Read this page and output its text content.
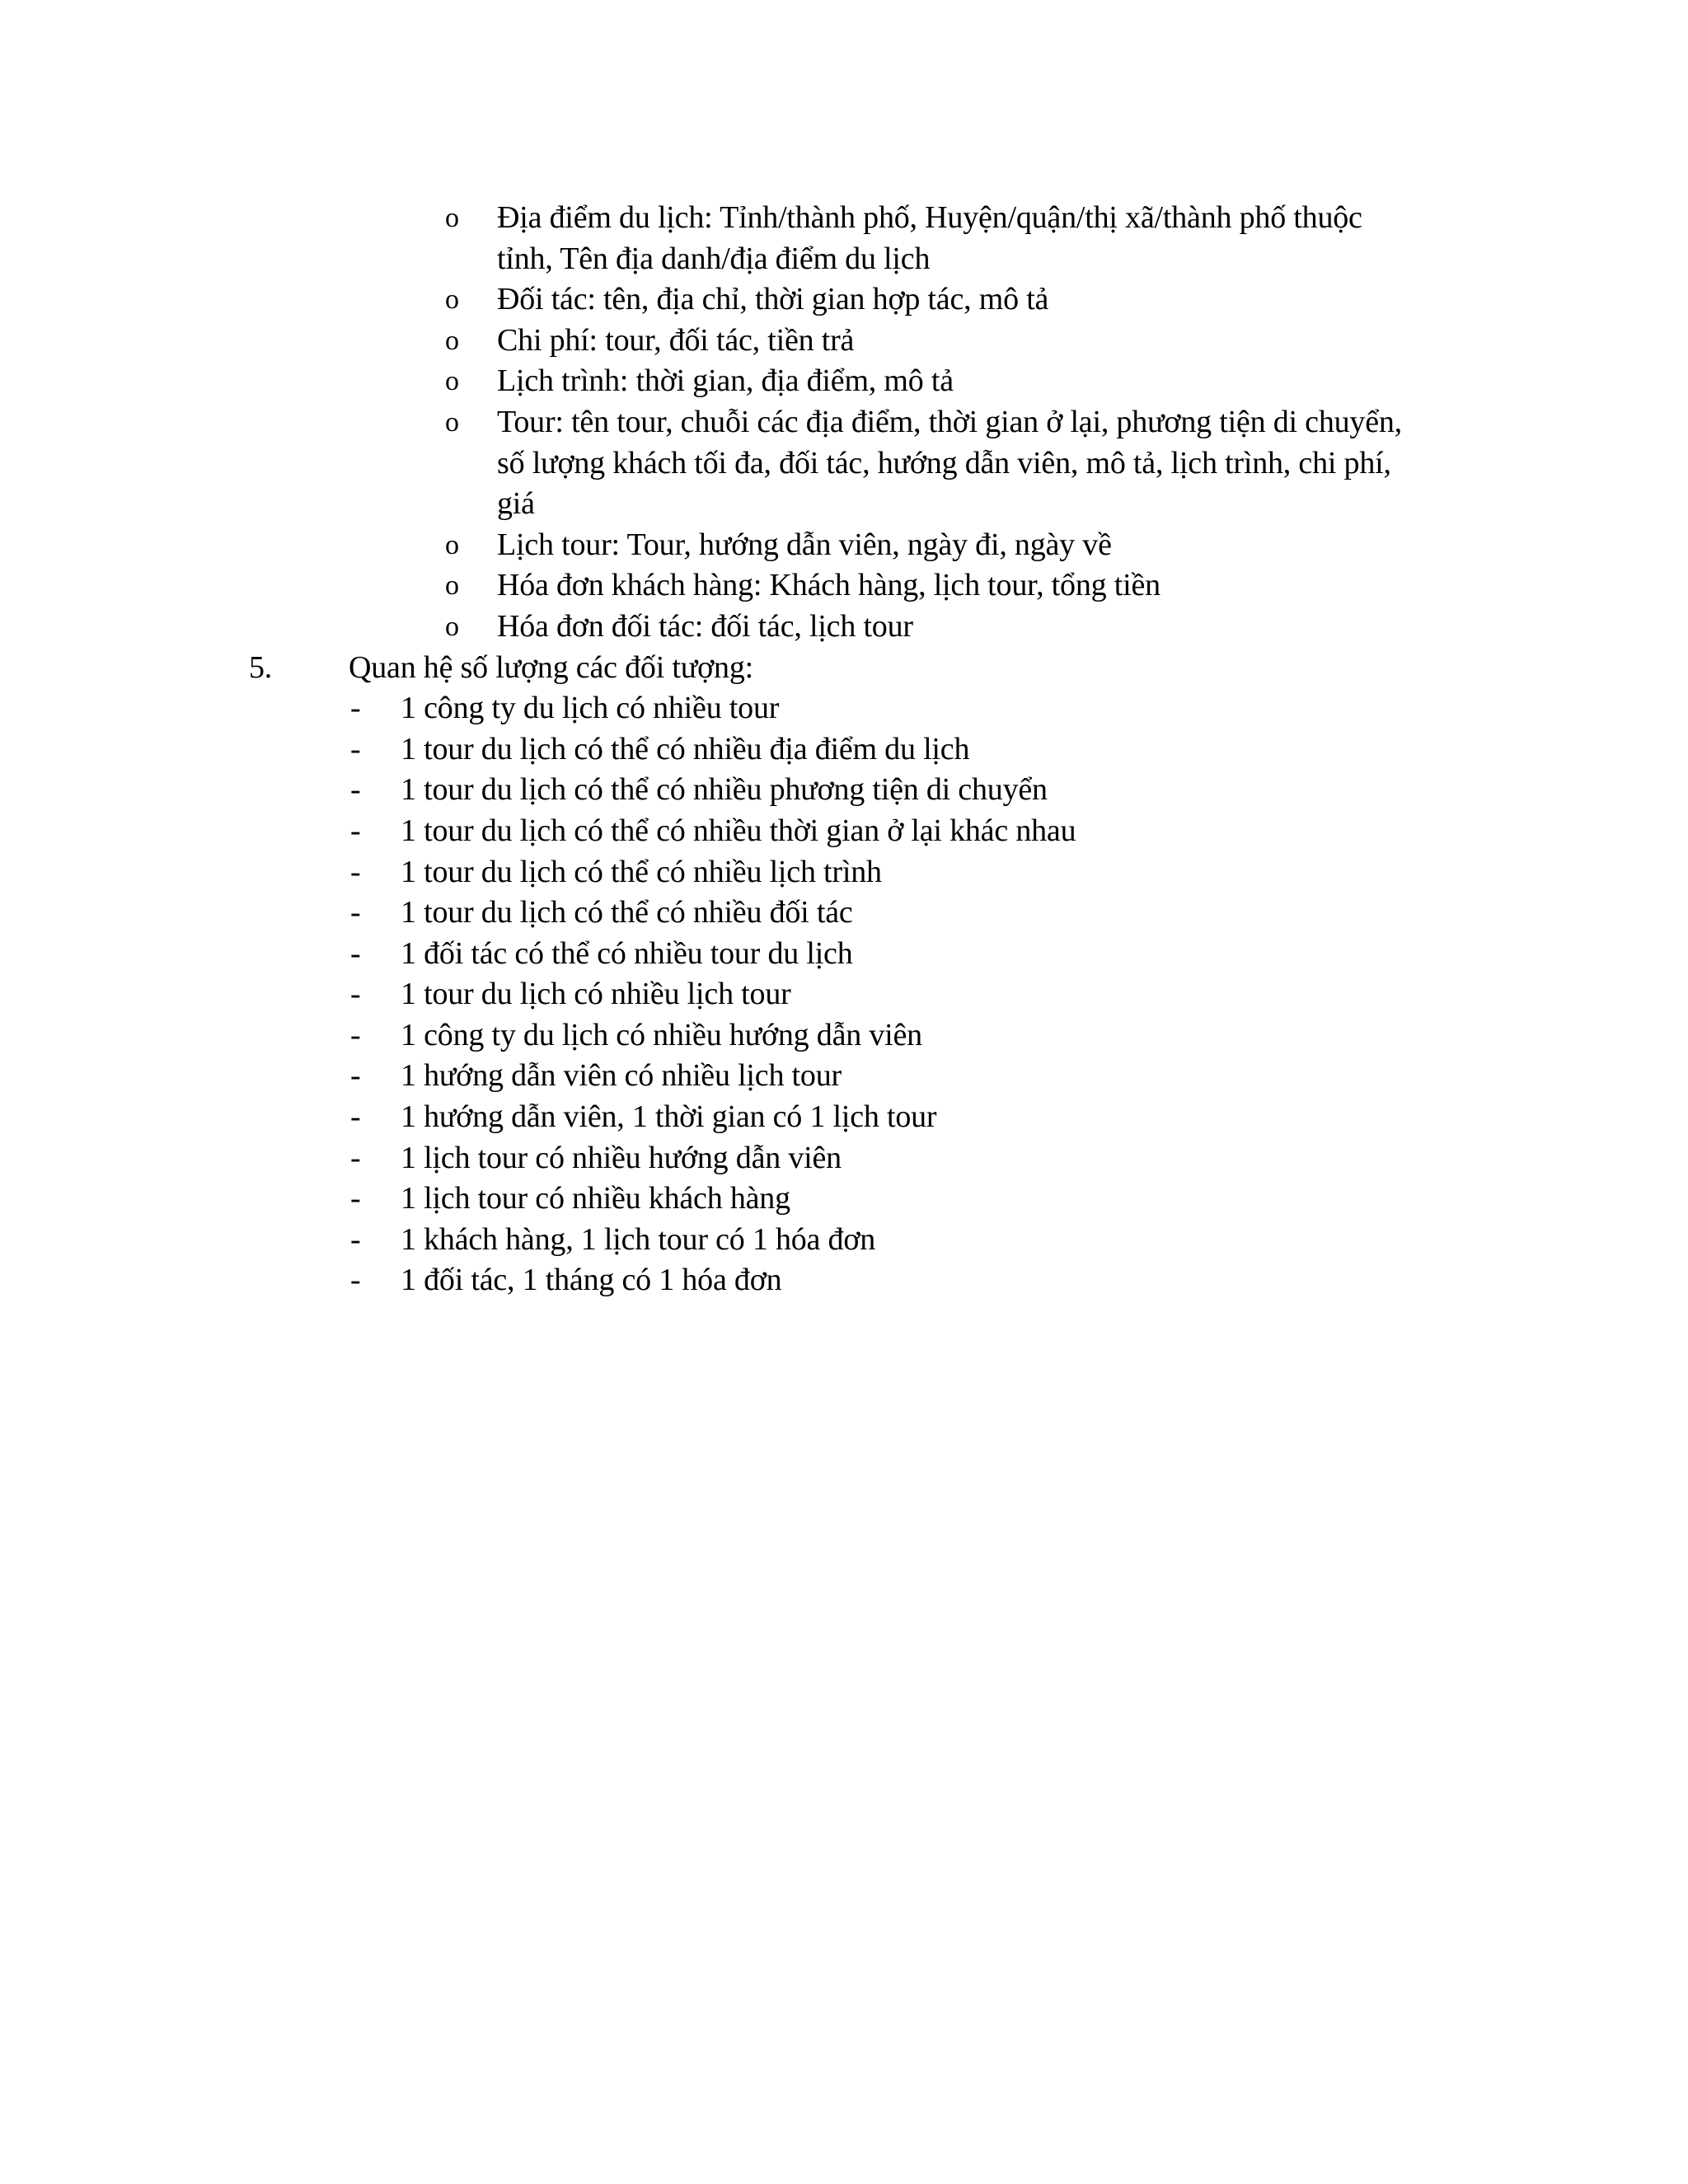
o Địa điểm du lịch: Tỉnh/thành phố, Huyện/quận/thị xã/thành phố thuộc
tỉnh, Tên địa danh/địa điểm du lịch
o Đối tác: tên, địa chỉ, thời gian hợp tác, mô tả
o Chi phí: tour, đối tác, tiền trả
o Lịch trình: thời gian, địa điểm, mô tả
o Tour: tên tour, chuỗi các địa điểm, thời gian ở lại, phương tiện di chuyển,
số lượng khách tối đa, đối tác, hướng dẫn viên, mô tả, lịch trình, chi phí,
giá
o Lịch tour: Tour, hướng dẫn viên, ngày đi, ngày về
o Hóa đơn khách hàng: Khách hàng, lịch tour, tổng tiền
o Hóa đơn đối tác: đối tác, lịch tour
5. Quan hệ số lượng các đối tượng:
- 1 công ty du lịch có nhiều tour
- 1 tour du lịch có thể có nhiều địa điểm du lịch
- 1 tour du lịch có thể có nhiều phương tiện di chuyển
- 1 tour du lịch có thể có nhiều thời gian ở lại khác nhau
- 1 tour du lịch có thể có nhiều lịch trình
- 1 tour du lịch có thể có nhiều đối tác
- 1 đối tác có thể có nhiều tour du lịch
- 1 tour du lịch có nhiều lịch tour
- 1 công ty du lịch có nhiều hướng dẫn viên
- 1 hướng dẫn viên có nhiều lịch tour
- 1 hướng dẫn viên, 1 thời gian có 1 lịch tour
- 1 lịch tour có nhiều hướng dẫn viên
- 1 lịch tour có nhiều khách hàng
- 1 khách hàng, 1 lịch tour có 1 hóa đơn
- 1 đối tác, 1 tháng có 1 hóa đơn
